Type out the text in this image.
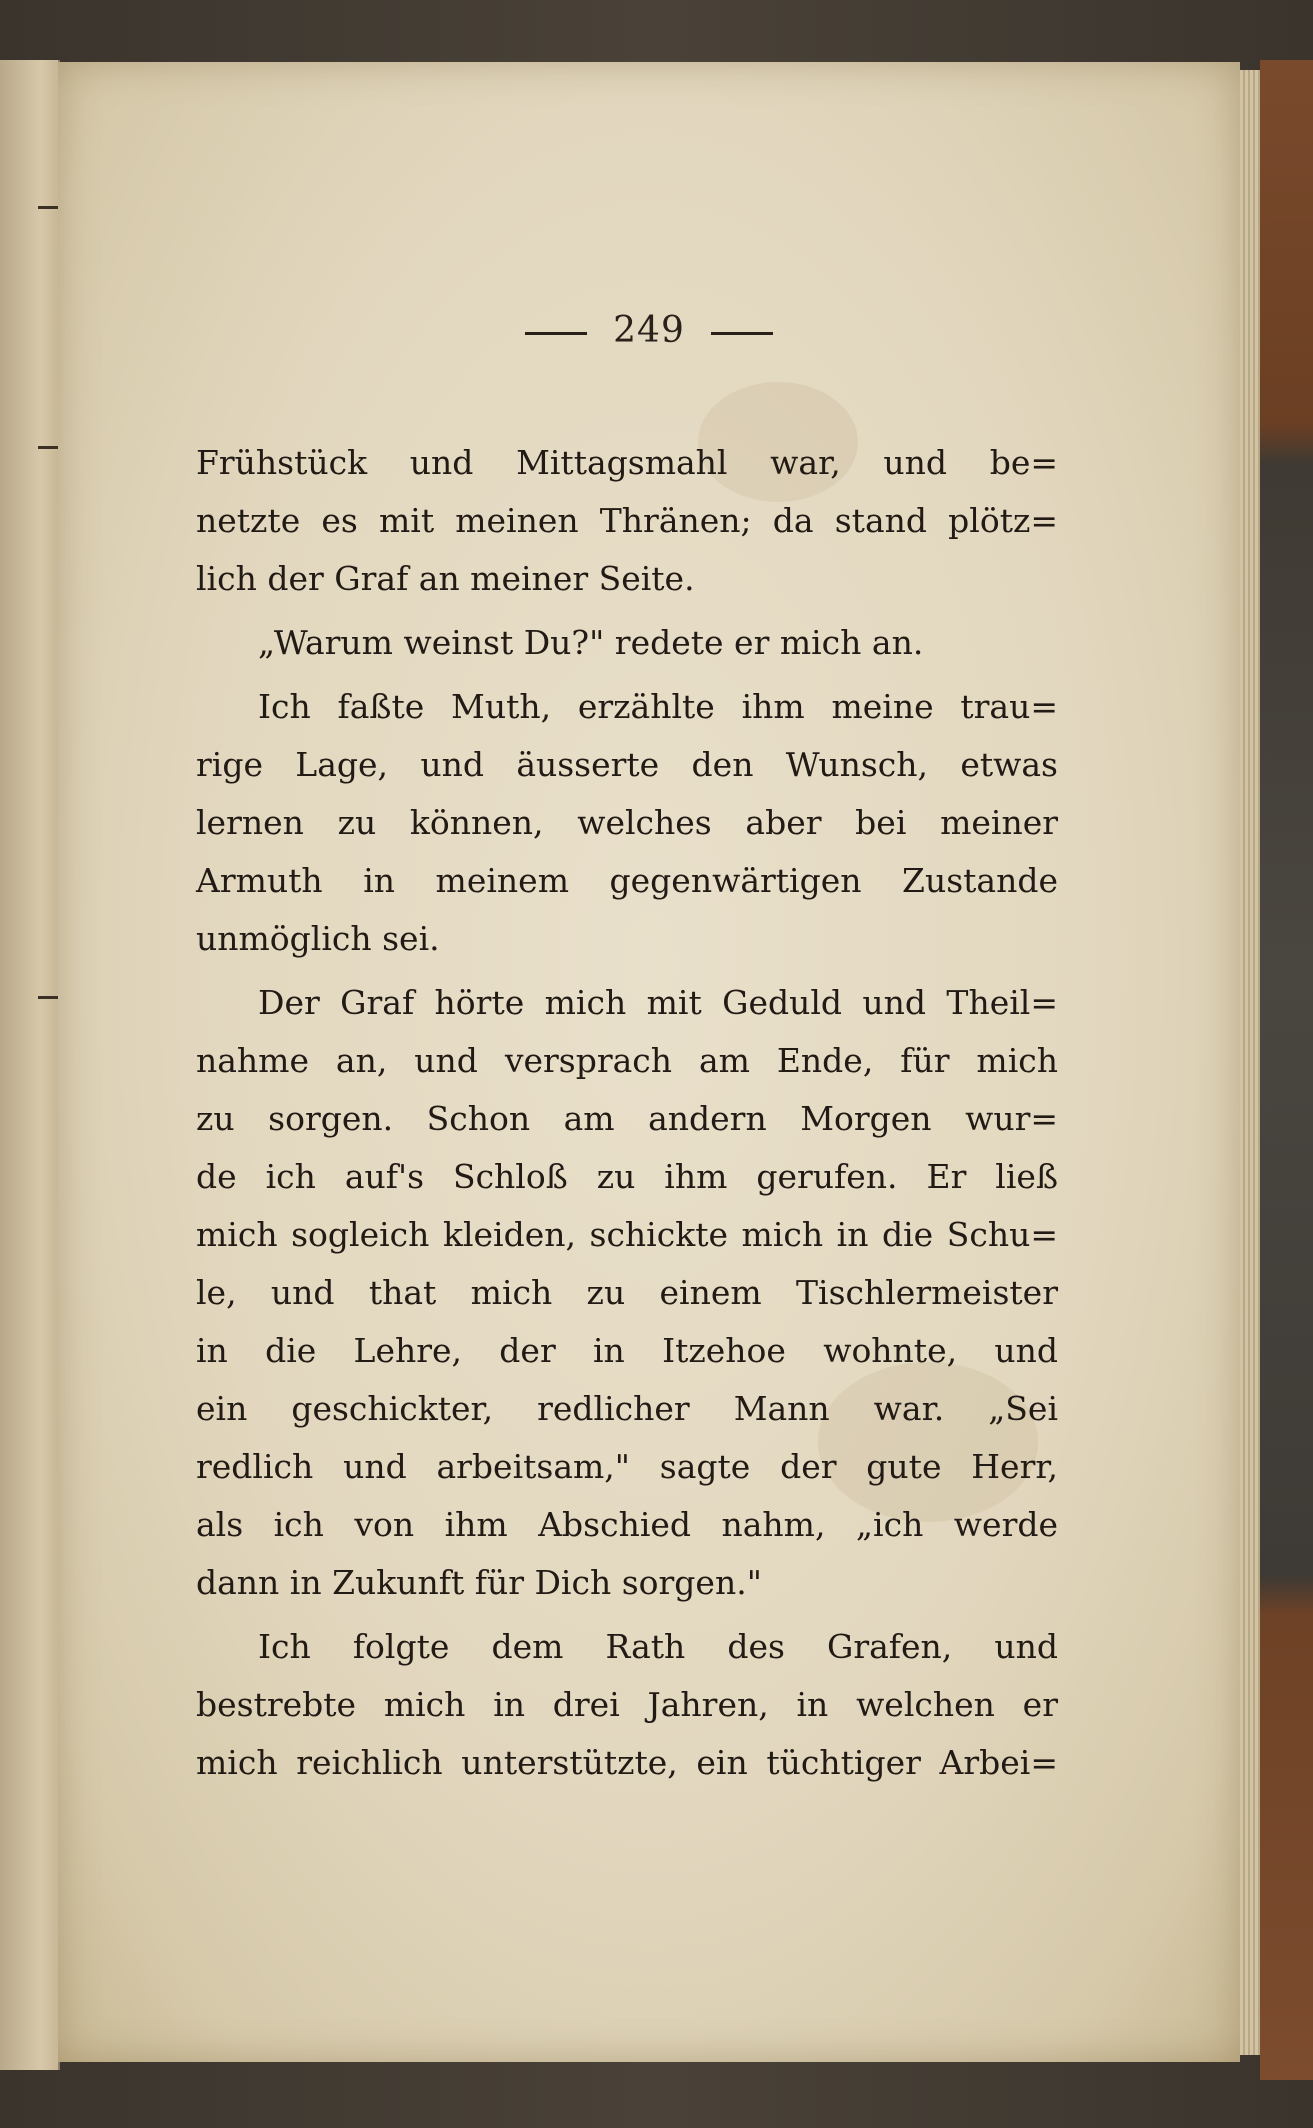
249
Frühstück und Mittagsmahl war, und be=
netzte es mit meinen Thränen; da stand plötz=
lich der Graf an meiner Seite.
„Warum weinst Du?" redete er mich an.
Ich faßte Muth, erzählte ihm meine trau=
rige Lage, und äusserte den Wunsch, etwas
lernen zu können, welches aber bei meiner
Armuth in meinem gegenwärtigen Zustande
unmöglich sei.
Der Graf hörte mich mit Geduld und Theil=
nahme an, und versprach am Ende, für mich
zu sorgen. Schon am andern Morgen wur=
de ich auf's Schloß zu ihm gerufen. Er ließ
mich sogleich kleiden, schickte mich in die Schu=
le, und that mich zu einem Tischlermeister
in die Lehre, der in Itzehoe wohnte, und
ein geschickter, redlicher Mann war. „Sei
redlich und arbeitsam," sagte der gute Herr,
als ich von ihm Abschied nahm, „ich werde
dann in Zukunft für Dich sorgen."
Ich folgte dem Rath des Grafen, und
bestrebte mich in drei Jahren, in welchen er
mich reichlich unterstützte, ein tüchtiger Arbei=
